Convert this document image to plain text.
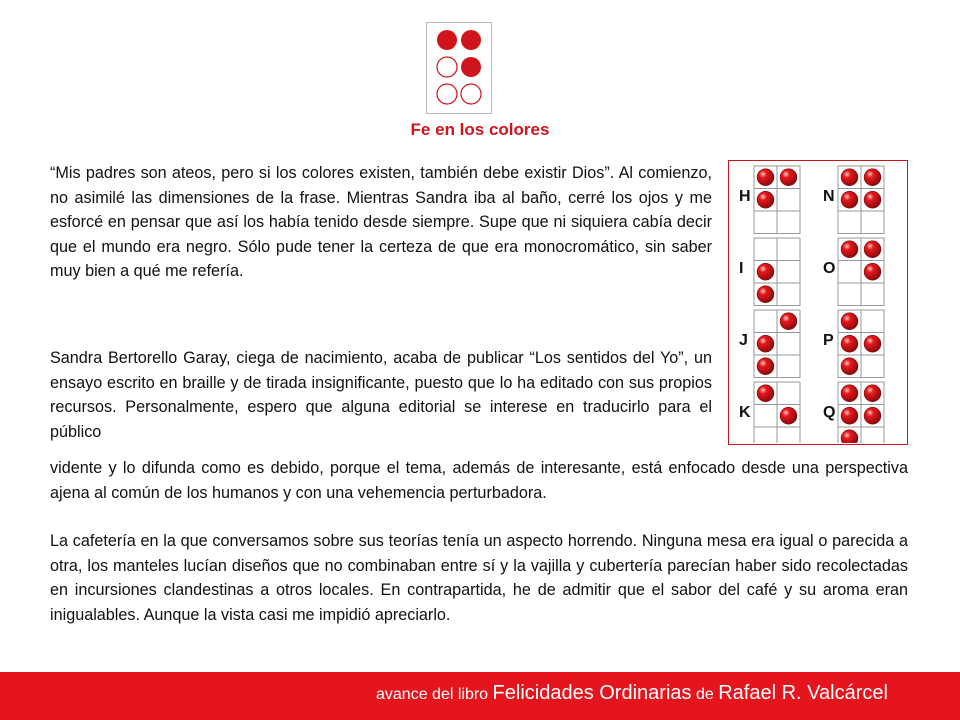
Fe en los colores

“Mis padres son ateos, pero si los colores existen, también debe existir Dios”. Al comienzo, no asimilé las dimensiones de la frase. Mientras Sandra iba al baño, cerré los ojos y me esforcé en pensar que así los había tenido desde siempre. Supe que ni siquiera cabía decir que el mundo era negro. Sólo pude tener la certeza de que era monocromático, sin saber muy bien a qué me refería.

Sandra Bertorello Garay, ciega de nacimiento, acaba de publicar “Los sentidos del Yo”, un ensayo escrito en braille y de tirada insignificante, puesto que lo ha editado con sus propios recursos. Personalmente, espero que alguna editorial se interese en traducirlo para el público

vidente y lo difunda como es debido, porque el tema, además de interesante, está enfocado desde una perspectiva ajena al común de los humanos y con una vehemencia perturbadora.

La cafetería en la que conversamos sobre sus teorías tenía un aspecto horrendo. Ninguna mesa era igual o parecida a otra, los manteles lucían diseños que no combinaban entre sí y la vajilla y cubertería parecían haber sido recolectadas en incursiones clandestinas a otros locales. En contrapartida, he de admitir que el sabor del café y su aroma eran inigualables. Aunque la vista casi me impidió apreciarlo.

H	N
I	O
J	P
K	Q
avance del libro Felicidades Ordinarias de Rafael R. Valcárcel
